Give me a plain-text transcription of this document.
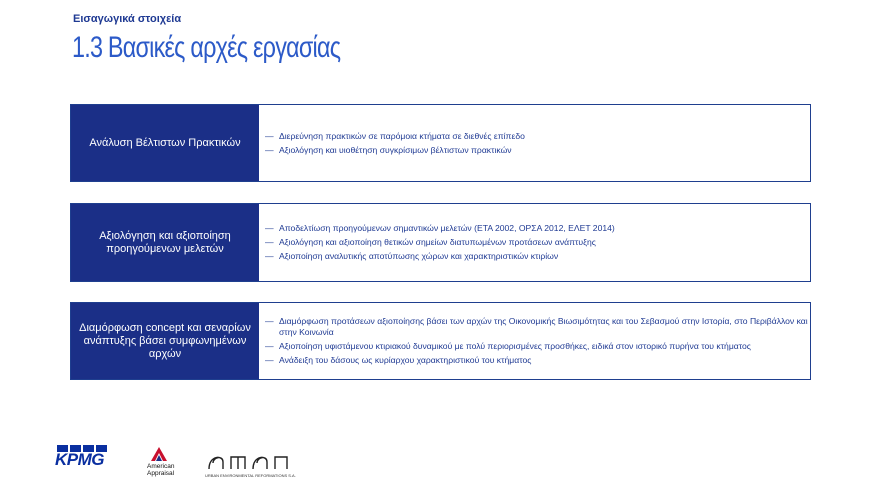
Εισαγωγικά στοιχεία
1.3 Βασικές αρχές εργασίας
Ανάλυση Βέλτιστων Πρακτικών
— Διερεύνηση πρακτικών σε παρόμοια κτήματα σε διεθνές επίπεδο
— Αξιολόγηση και υιοθέτηση συγκρίσιμων βέλτιστων πρακτικών
Αξιολόγηση και αξιοποίηση προηγούμενων μελετών
— Αποδελτίωση προηγούμενων σημαντικών μελετών (ΕΤΑ 2002, ΟΡΣΑ 2012, ΕΛΕΤ 2014)
— Αξιολόγηση και αξιοποίηση θετικών σημείων διατυπωμένων προτάσεων ανάπτυξης
— Αξιοποίηση αναλυτικής αποτύπωσης χώρων και χαρακτηριστικών κτιρίων
Διαμόρφωση concept και σεναρίων ανάπτυξης βάσει συμφωνημένων αρχών
— Διαμόρφωση προτάσεων αξιοποίησης βάσει των αρχών της Οικονομικής Βιωσιμότητας και του Σεβασμού στην Ιστορία, στο Περιβάλλον και στην Κοινωνία
— Αξιοποίηση υφιστάμενου κτιριακού δυναμικού με πολύ περιορισμένες προσθήκες, ειδικά στον ιστορικό πυρήνα του κτήματος
— Ανάδειξη του δάσους ως κυρίαρχου χαρακτηριστικού του κτήματος
KPMG	American
Appraisal	URBAN ENVIRONMENTAL REFORMATIONS S.A.
